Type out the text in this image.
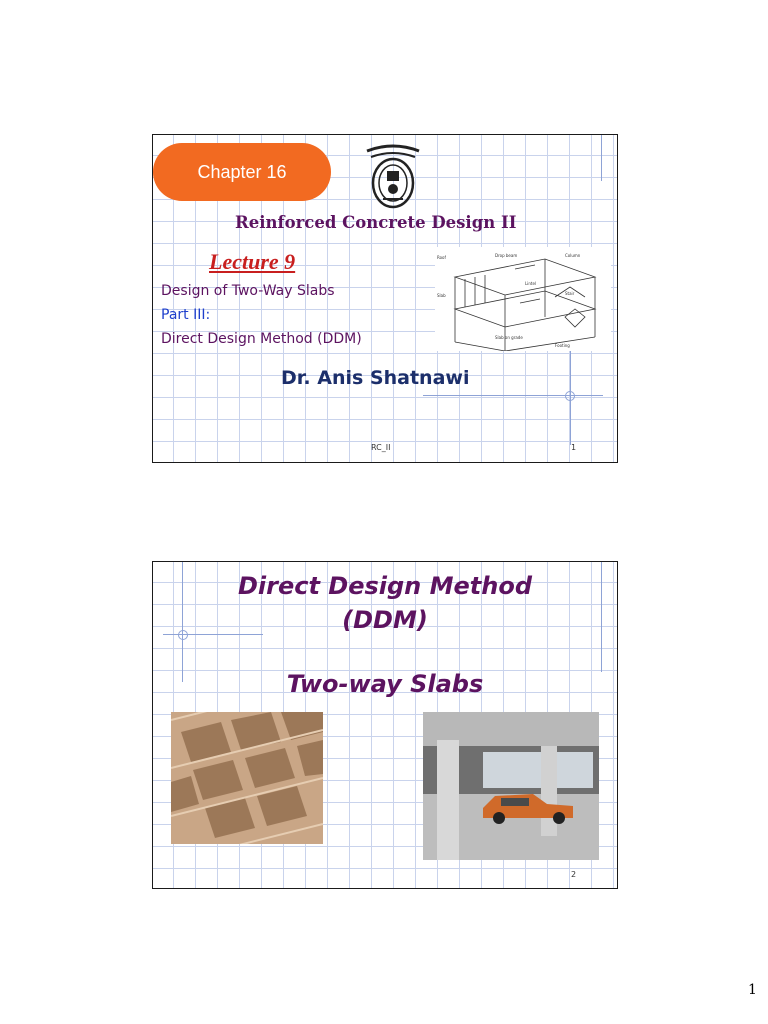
Chapter 16
Reinforced Concrete Design II
Lecture 9
Design of Two-Way Slabs
Part III:
Direct Design Method (DDM)
Roof	Drop beam	Column
Slab
Lintel
Stair
Slab on grade
Footing
Dr. Anis Shatnawi
RC_II	1
Direct Design Method
(DDM)
Two-way Slabs
2
1
